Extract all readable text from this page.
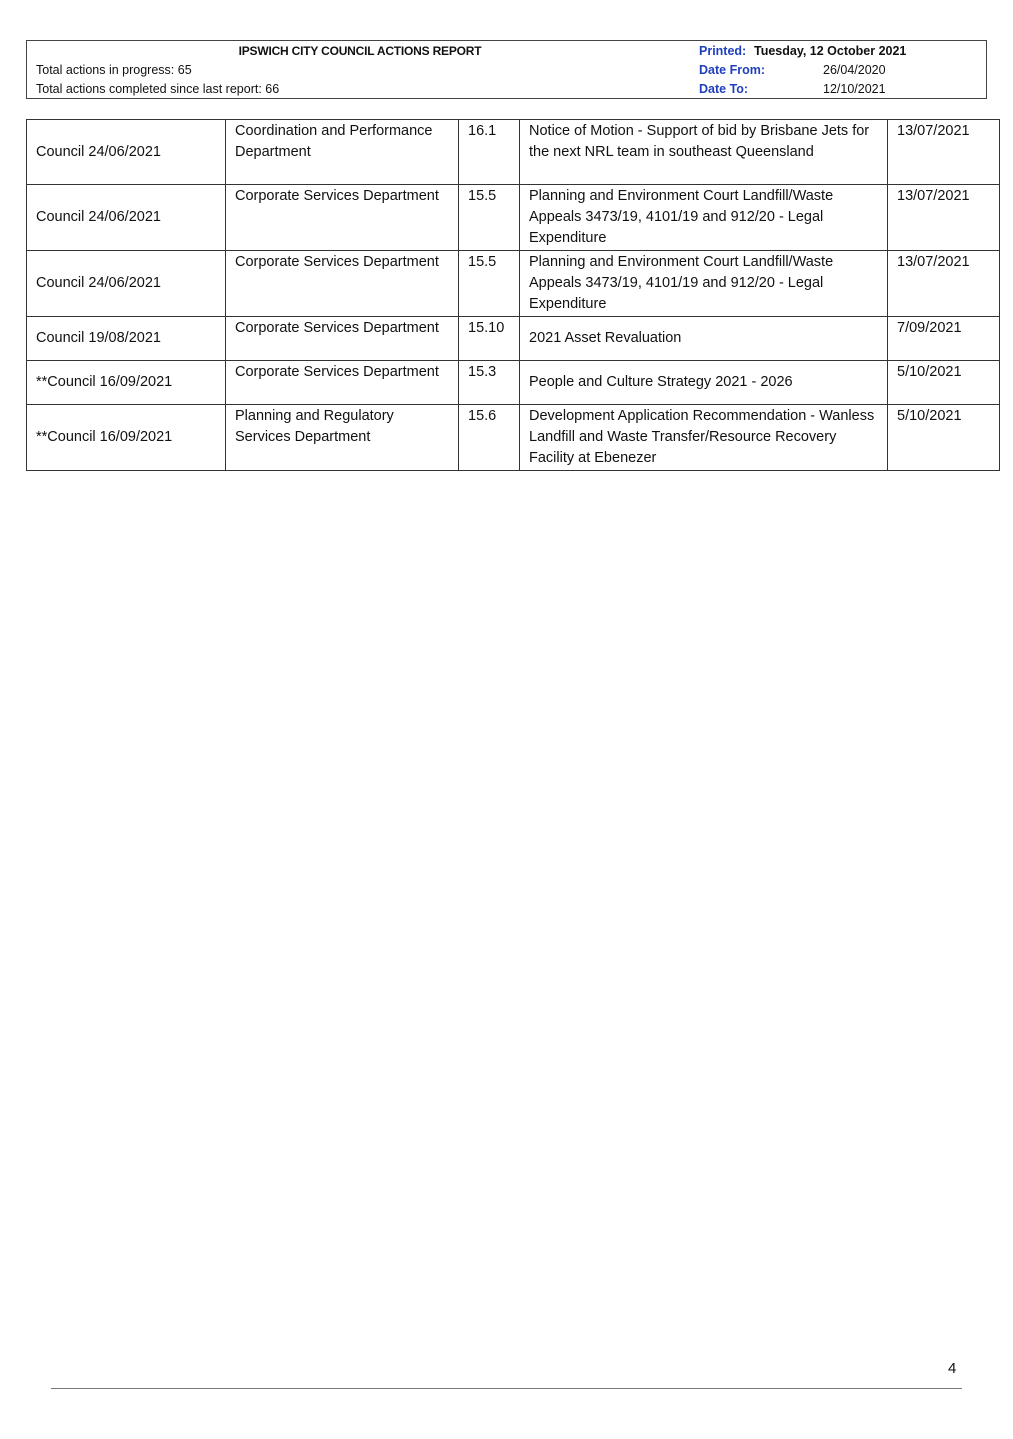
IPSWICH CITY COUNCIL ACTIONS REPORT
Total actions in progress: 65
Total actions completed since last report: 66
Printed: Tuesday, 12 October 2021
Date From:	26/04/2020
Date To:	12/10/2021
Council 24/06/2021	Coordination and Performance Department	16.1	Notice of Motion - Support of bid by Brisbane Jets for the next NRL team in southeast Queensland	13/07/2021
Council 24/06/2021	Corporate Services Department	15.5	Planning and Environment Court Landfill/Waste Appeals 3473/19, 4101/19 and 912/20 - Legal Expenditure	13/07/2021
Council 24/06/2021	Corporate Services Department	15.5	Planning and Environment Court Landfill/Waste Appeals 3473/19, 4101/19 and 912/20 - Legal Expenditure	13/07/2021
Council 19/08/2021	Corporate Services Department	15.10	2021 Asset Revaluation	7/09/2021
**Council 16/09/2021	Corporate Services Department	15.3	People and Culture Strategy 2021 - 2026	5/10/2021
**Council 16/09/2021	Planning and Regulatory Services Department	15.6	Development Application Recommendation - Wanless Landfill and Waste Transfer/Resource Recovery Facility at Ebenezer	5/10/2021
4
